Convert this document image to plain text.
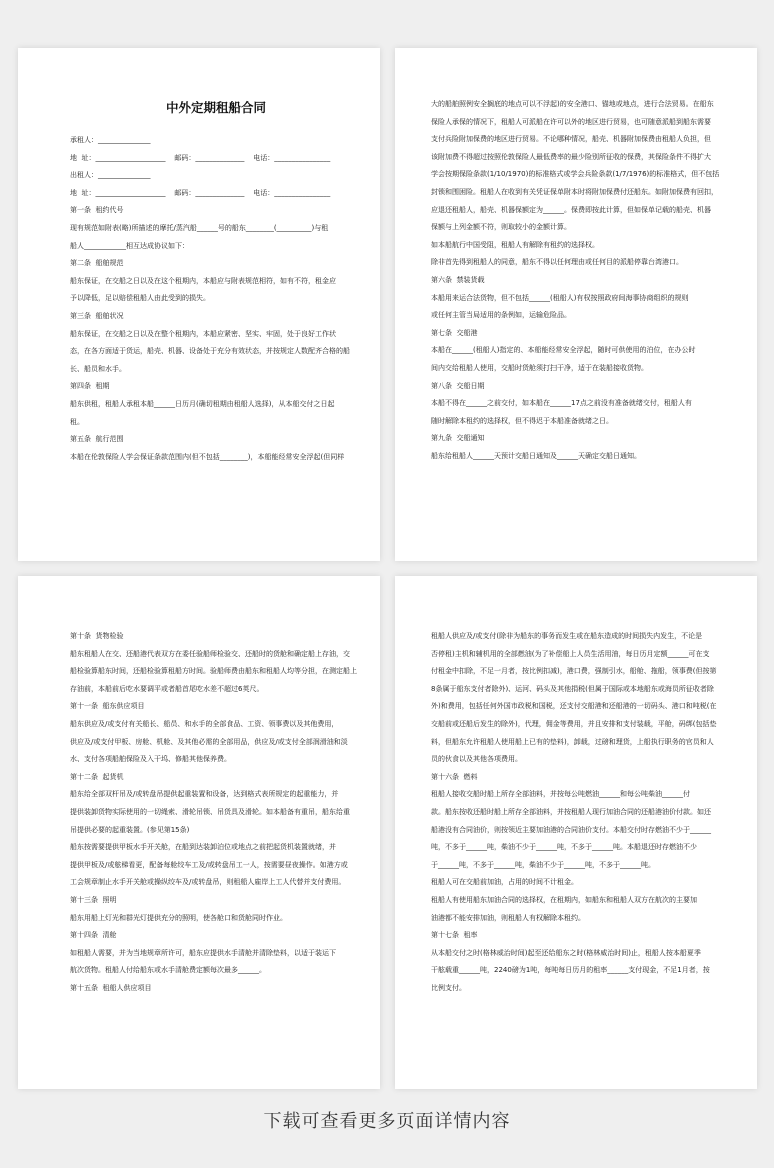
中外定期租船合同
承租人：_______________
地  址：____________________    邮码：______________    电话：________________
出租人：_______________
地  址：____________________    邮码：______________    电话：________________
第一条  租约代号
现有规范如附表(略)所描述的摩托/蒸汽船______号的船东________(__________)与租
船人____________相互达成协议如下：
第二条  船舶规范
船东保证，在交船之日以及在这个租期内，本船应与附表规范相符，如有不符，租金应
予以降低，足以赔偿租船人由此受到的损失。
第三条  船舶状况
船东保证，在交船之日以及在整个租期内，本船应紧密、坚实、牢固，处于良好工作状
态，在各方面适于货运，船壳、机器、设备处于充分有效状态，并按规定人数配齐合格的船
长、船员和水手。
第四条  租期
船东供租，租船人承租本船______日历月(确切租期由租船人选择)，从本船交付之日起
租。
第五条  航行范围
本船在伦敦保险人学会保证条款范围内(但不包括________)，本船能经常安全浮起(但同样
大的船舶照例安全搁底的地点可以不浮起)的安全港口、锚地或地点，进行合法贸易。在船东
保险人承保的情况下，租船人可派船在许可以外的地区进行贸易，也可随意派船到船东需要
支付兵险附加保费的地区进行贸易。不论哪种情况，船壳、机器附加保费由租船人负担，但
该附加费不得超过按照伦敦保险人最低费率的最少险别所征收的保费，其保险条件不得扩大
学会按期保险条款(1/10/1970)的标准格式或学会兵险条款(1/7/1976)的标准格式，但不包括
封锁和围困险。租船人在收到有关凭证保单附本时将附加保费付还船东。如附加保费有回扣，
应退还租船人，船壳、机器保额定为______。保费即按此计算，但如保单记载的船壳、机器
保额与上列金额不符，则取较小的金额计算。
如本船航行中国受阻，租船人有解除有租约的选择权。
除非首先得到租船人的同意，船东不得以任何理由或任何目的派船停靠台湾港口。
第六条  禁装货载
本船用来运合法货物，但不包括______(租船人)有权按照政府间海事协商组织的规则
或任何主管当局适用的条例如，运输危险品。
第七条  交船港
本船在______(租船人)指定的、本船能经常安全浮起，随时可供使用的泊位，在办公时
间内交给租船人使用，交船时货舱须打扫干净，适于在装船接收货物。
第八条  交船日期
本船不得在______之前交付，如本船在______17点之前没有准备就绪交付，租船人有
随时解除本租约的选择权，但不得迟于本船准备就绪之日。
第九条  交船通知
船东给租船人______天预计交船日通知及______天确定交船日通知。
第十条  货物检验
船东租船人在交、还船港代表双方在委任验船师检验交、还船时的货舱和确定船上存油，交
船检验算船东时间，还船检验算租船方时间。验船师费由船东和租船人均等分担，在测定船上
存油前，本船前后吃水要调平或者船首尾吃水差不超过6英尺。
第十一条  船东供应项目
船东供应及/或支付有关船长、船员、和水手的全部食品、工资、领事费以及其他费用，
供应及/或支付甲板、房舱、机舱、及其他必需的全部用品，供应及/或支付全部润滑油和淡
水、支付各项船舶保险及入干坞、修船其他保养费。
第十二条  起货机
船东给全部双杆吊及/或转盘吊提供起重装置和设备，达到格式表所规定的起重能力，并
提供装卸货物实际使用的一切绳索、滑轮吊锁、吊货具及滑轮。如本船备有重吊，船东给重
吊提供必要的起重装置。(参见第15条)
船东按需要提供甲板水手开关舱，在船到达装卸泊位或地点之前把起货机装置就绪，并
提供甲板及/或舷梯看更，配备每舱绞车工及/或转盘吊工一人，按需要昼夜操作。如港方或
工会规章制止水手开关舱或操纵绞车及/或转盘吊，则租船人雇岸上工人代替并支付费用。
第十三条  照明
船东用船上灯光和群光灯提供充分的照明，使各舱口和货舱同时作业。
第十四条  清舱
如租船人需要，并为当地规章所许可，船东应提供水手清舱并清除垫料，以适于装运下
航次货物。租船人付给船东或水手清舱费定额每次最多______。
第十五条  租船人供应项目
租船人供应及/或支付(除非为船东的事务而发生或在船东造成的时间损失内发生，不论是
否停租)主机和辅机用的全部燃油(为了补偿船上人员生活用油，每日历月定额______可在支
付租金中扣除，不足一月者，按比例扣减)，港口费，强制引水，船舱、拖船，领事费(但按第
8条属于船东支付者除外)、运河、码头及其他捐税(但属于国际或本地船东或海员所征收者除
外)和费用，包括任何外国市政税和国税，还支付交船港和还船港的一切码头、港口和吨税(在
交船前或还船后发生的除外)，代理，佣金等费用，并且安排和支付装载，平舱，码绑(包括垫
料，但船东允许租船人使用船上已有的垫料)，卸载，过磅和理货，上船执行职务的官员和人
员的伙食以及其他各项费用。
第十六条  燃料
租船人接收交船时船上所存全部油料，并按每公吨燃油______和每公吨柴油______付
款。船东按收还船时船上所存全部油料，并按租船人现行加油合同的还船港油价付款。如还
船港没有合同油价，则按领近主要加油港的合同油价支付。本船交付时存燃油不少于______
吨，不多于______吨，柴油不少于______吨，不多于______吨。本船退还时存燃油不少
于______吨，不多于______吨，柴油不少于______吨，不多于______吨。
租船人可在交船前加油，占用的时间不计租金。
租船人有使用船东加油合同的选择权，在租期内，如船东和租船人双方在航次的主要加
油港都不能安排加油，则租船人有权解除本租约。
第十七条  租率
从本船交付之时(格林威治时间)起至还给船东之时(格林威治时间)止，租船人按本船夏季
干舷载重______吨，2240磅为1吨，每吨每日历月的租率______支付现金，不足1月者，按
比例支付。
下载可查看更多页面详情内容
